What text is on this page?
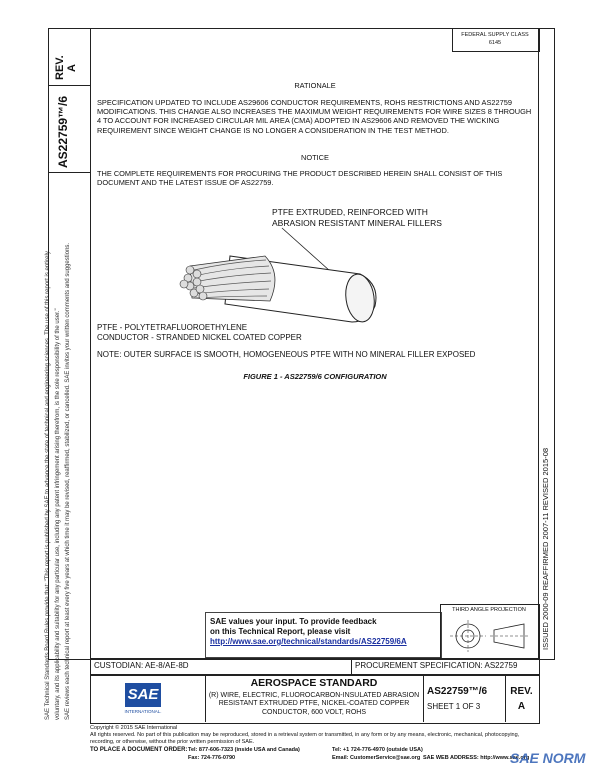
SAE Technical Standards Board Rules provide that: "This report is published by SAE to advance the state of technical and engineering sciences. The use of this report is entirely voluntary, and its applicability and suitability for any particular use, including any patent infringement arising therefrom, is the sole responsibility of the user." SAE reviews each technical report at least every five years at which time it may be revised, reaffirmed, stabilized, or cancelled. SAE invites your written comments and suggestions.
REV. A
AS22759™/6
FEDERAL SUPPLY CLASS
6145
ISSUED 2000-09 REAFFIRMED 2007-11 REVISED 2015-08
RATIONALE
SPECIFICATION UPDATED TO INCLUDE AS29606 CONDUCTOR REQUIREMENTS, ROHS RESTRICTIONS AND AS22759 MODIFICATIONS. THIS CHANGE ALSO INCREASES THE MAXIMUM WEIGHT REQUIREMENTS FOR WIRE SIZES 8 THROUGH 4 TO ACCOUNT FOR INCREASED CIRCULAR MIL AREA (CMA) ADOPTED IN AS29606 AND REMOVED THE WICKING REQUIREMENT SINCE WEIGHT CHANGE IS NO LONGER A CONSIDERATION IN THE TEST METHOD.
NOTICE
THE COMPLETE REQUIREMENTS FOR PROCURING THE PRODUCT DESCRIBED HEREIN SHALL CONSIST OF THIS DOCUMENT AND THE LATEST ISSUE OF AS22759.
PTFE EXTRUDED, REINFORCED WITH
ABRASION RESISTANT MINERAL FILLERS
PTFE - POLYTETRAFLUOROETHYLENE
CONDUCTOR - STRANDED NICKEL COATED COPPER
NOTE: OUTER SURFACE IS SMOOTH, HOMOGENEOUS PTFE WITH NO MINERAL FILLER EXPOSED
FIGURE 1 - AS22759/6 CONFIGURATION
SAE values your input. To provide feedback
on this Technical Report, please visit
http://www.sae.org/technical/standards/AS22759/6A
THIRD ANGLE PROJECTION
CUSTODIAN: AE-8/AE-8D	PROCUREMENT SPECIFICATION: AS22759
SAE
INTERNATIONAL.
AEROSPACE STANDARD
(R) WIRE, ELECTRIC, FLUOROCARBON-INSULATED ABRASION RESISTANT EXTRUDED PTFE, NICKEL-COATED COPPER CONDUCTOR, 600 VOLT, ROHS
AS22759™/6
SHEET 1 OF 3
REV.
A
Copyright © 2015 SAE International
All rights reserved. No part of this publication may be reproduced, stored in a retrieval system or transmitted, in any form or by any means, electronic, mechanical, photocopying, recording, or otherwise, without the prior written permission of SAE.
TO PLACE A DOCUMENT ORDER: Tel: 877-606-7323 (inside USA and Canada)	Tel: +1 724-776-4970 (outside USA)
Fax: 724-776-0790	Email: CustomerService@sae.org SAE WEB ADDRESS: http://www.sae.org
SAE NORM
